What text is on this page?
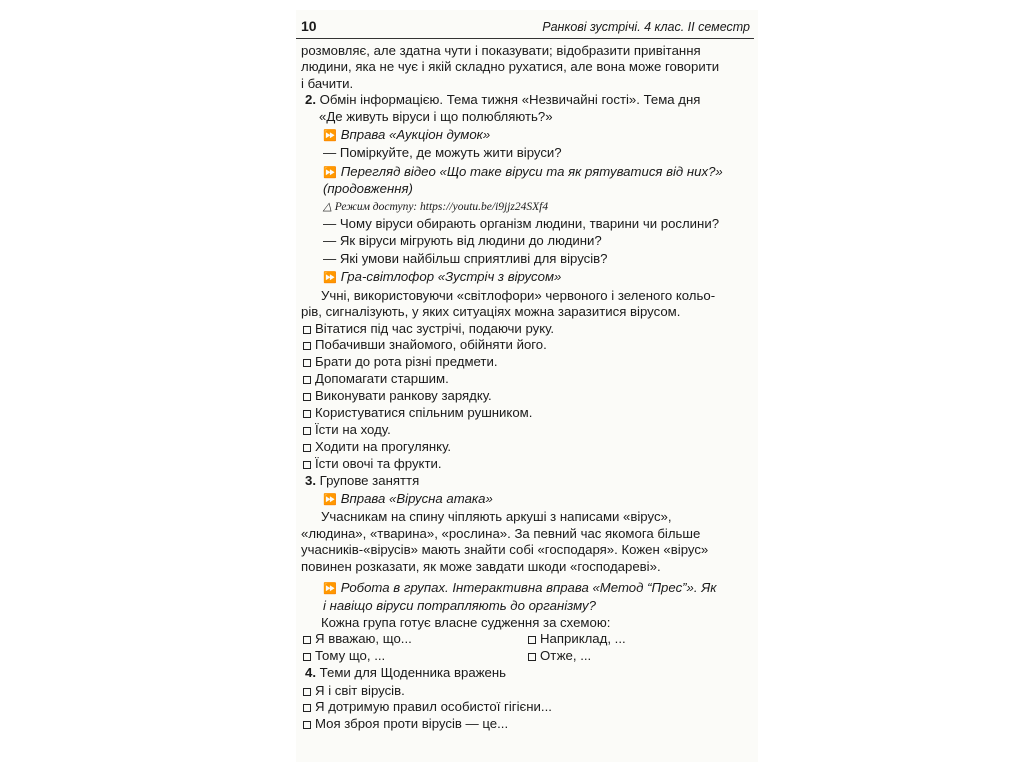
10	Ранкові зустрічі. 4 клас. ІІ семестр
розмовляє, але здатна чути і показувати; відобразити привітання
людини, яка не чує і якій складно рухатися, але вона може говорити
і бачити.
2. Обмін інформацією. Тема тижня «Незвичайні гості». Тема дня
«Де живуть віруси і що полюбляють?»
⏩ Вправа «Аукціон думок»
— Поміркуйте, де можуть жити віруси?
⏩ Перегляд відео «Що таке віруси та як рятуватися від них?»
(продовження)
△ Режим доступу: https://youtu.be/i9jjz24SXf4
— Чому віруси обирають організм людини, тварини чи рослини?
— Як віруси мігрують від людини до людини?
— Які умови найбільш сприятливі для вірусів?
⏩ Гра-світлофор «Зустріч з вірусом»
Учні, використовуючи «світлофори» червоного і зеленого кольо-
рів, сигналізують, у яких ситуаціях можна заразитися вірусом.
Вітатися під час зустрічі, подаючи руку.
Побачивши знайомого, обійняти його.
Брати до рота різні предмети.
Допомагати старшим.
Виконувати ранкову зарядку.
Користуватися спільним рушником.
Їсти на ходу.
Ходити на прогулянку.
Їсти овочі та фрукти.
3. Групове заняття
⏩ Вправа «Вірусна атака»
Учасникам на спину чіпляють аркуші з написами «вірус»,
«людина», «тварина», «рослина». За певний час якомога більше
учасників-«вірусів» мають знайти собі «господаря». Кожен «вірус»
повинен розказати, як може завдати шкоди «господареві».
⏩ Робота в групах. Інтерактивна вправа «Метод “Прес”». Як
і навіщо віруси потрапляють до організму?
Кожна група готує власне судження за схемою:
Я вважаю, що...
Тому що, ...
Наприклад, ...
Отже, ...
4. Теми для Щоденника вражень
Я і світ вірусів.
Я дотримую правил особистої гігієни...
Моя зброя проти вірусів — це...
